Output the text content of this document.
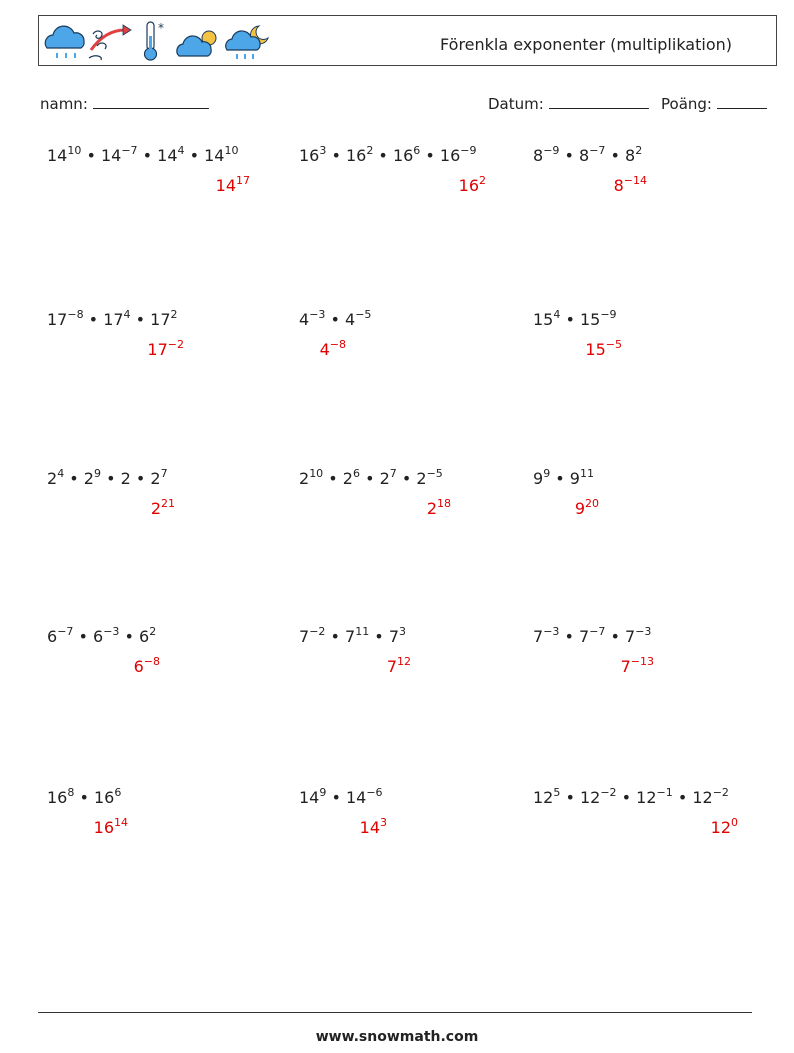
*
Förenkla exponenter (multiplikation)
namn:	Datum:	Poäng:
$14^{10}$ • $14^{-7}$ • $14^4$ • $14^{10}$
$14^{17}$
$16^3$ • $16^2$ • $16^6$ • $16^{-9}$
$16^2$
$8^{-9}$ • $8^{-7}$ • $8^2$
$8^{-14}$
$17^{-8}$ • $17^4$ • $17^2$
$17^{-2}$
$4^{-3}$ • $4^{-5}$
$4^{-8}$
$15^4$ • $15^{-9}$
$15^{-5}$
$2^4$ • $2^9$ • 2 • $2^7$
$2^{21}$
$2^{10}$ • $2^6$ • $2^7$ • $2^{-5}$
$2^{18}$
$9^9$ • $9^{11}$
$9^{20}$
$6^{-7}$ • $6^{-3}$ • $6^2$
$6^{-8}$
$7^{-2}$ • $7^{11}$ • $7^3$
$7^{12}$
$7^{-3}$ • $7^{-7}$ • $7^{-3}$
$7^{-13}$
$16^8$ • $16^6$
$16^{14}$
$14^9$ • $14^{-6}$
$14^3$
$12^5$ • $12^{-2}$ • $12^{-1}$ • $12^{-2}$
$12^0$
www.snowmath.com
